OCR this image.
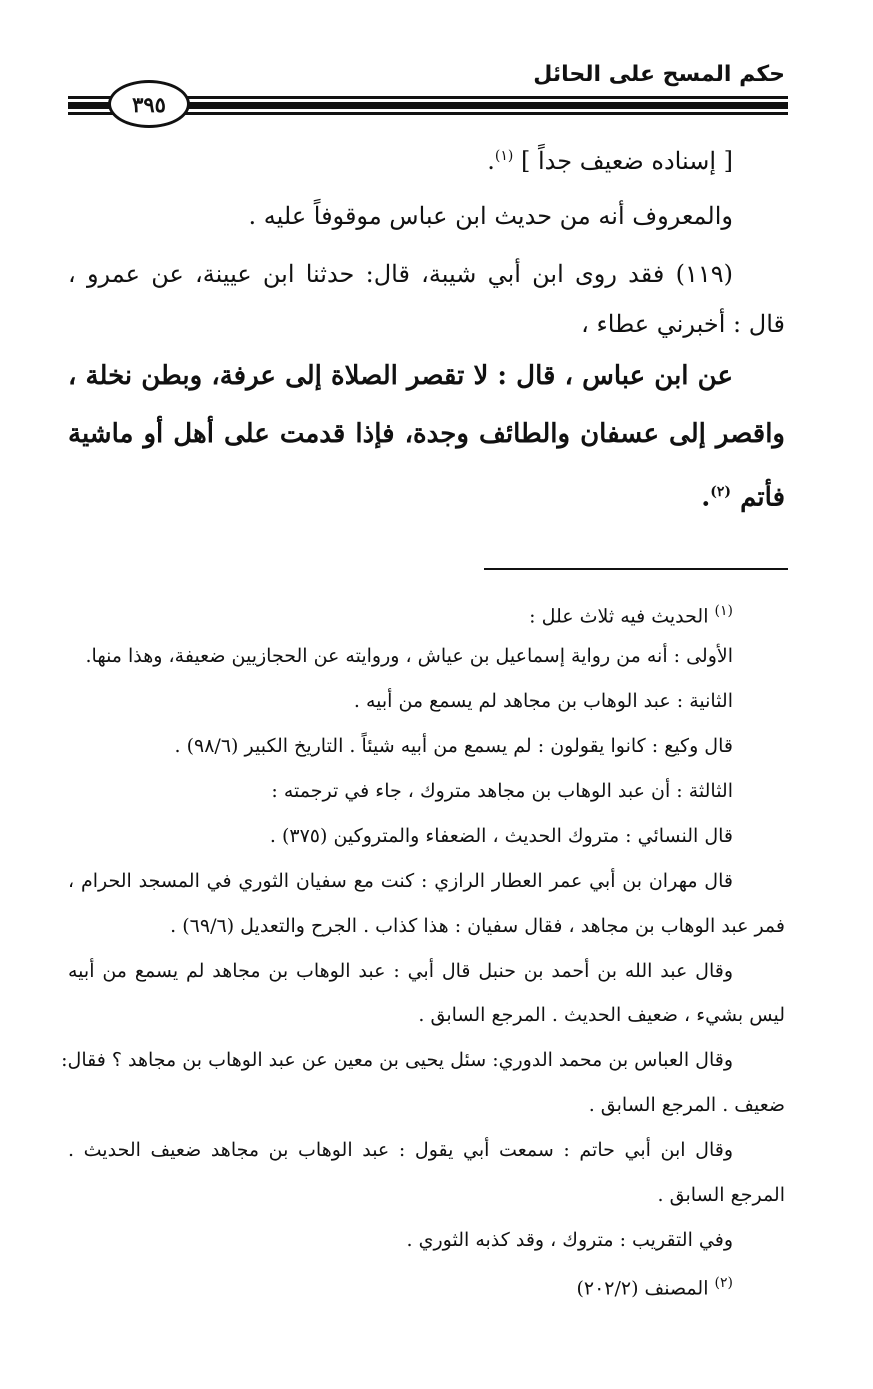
حكم المسح على الحائل
٣٩٥
[ إسناده ضعيف جداً ] $^{(١)}$.
والمعروف أنه من حديث ابن عباس موقوفاً عليه .
(١١٩) فقد روى ابن أبي شيبة، قال: حدثنا ابن عيينة، عن عمرو ،
قال : أخبرني عطاء ،
عن ابن عباس ، قال : لا تقصر الصلاة إلى عرفة، وبطن نخلة ،
واقصر إلى عسفان والطائف وجدة، فإذا قدمت على أهل أو ماشية
فأتم $^{(٢)}$.
$^{(١)}$ الحديث فيه ثلاث علل :
الأولى : أنه من رواية إسماعيل بن عياش ، وروايته عن الحجازيين ضعيفة، وهذا منها.
الثانية : عبد الوهاب بن مجاهد لم يسمع من أبيه .
قال وكيع : كانوا يقولون : لم يسمع من أبيه شيئاً . التاريخ الكبير (٩٨/٦) .
الثالثة : أن عبد الوهاب بن مجاهد متروك ، جاء في ترجمته :
قال النسائي : متروك الحديث ، الضعفاء والمتروكين (٣٧٥) .
قال مهران بن أبي عمر العطار الرازي : كنت مع سفيان الثوري في المسجد الحرام ،
فمر عبد الوهاب بن مجاهد ، فقال سفيان : هذا كذاب . الجرح والتعديل (٦٩/٦) .
وقال عبد الله بن أحمد بن حنبل قال أبي : عبد الوهاب بن مجاهد لم يسمع من أبيه
ليس بشيء ، ضعيف الحديث . المرجع السابق .
وقال العباس بن محمد الدوري: سئل يحيى بن معين عن عبد الوهاب بن مجاهد ؟ فقال:
ضعيف . المرجع السابق .
وقال ابن أبي حاتم : سمعت أبي يقول : عبد الوهاب بن مجاهد ضعيف الحديث .
المرجع السابق .
وفي التقريب : متروك ، وقد كذبه الثوري .
$^{(٢)}$ المصنف (٢٠٢/٢)
